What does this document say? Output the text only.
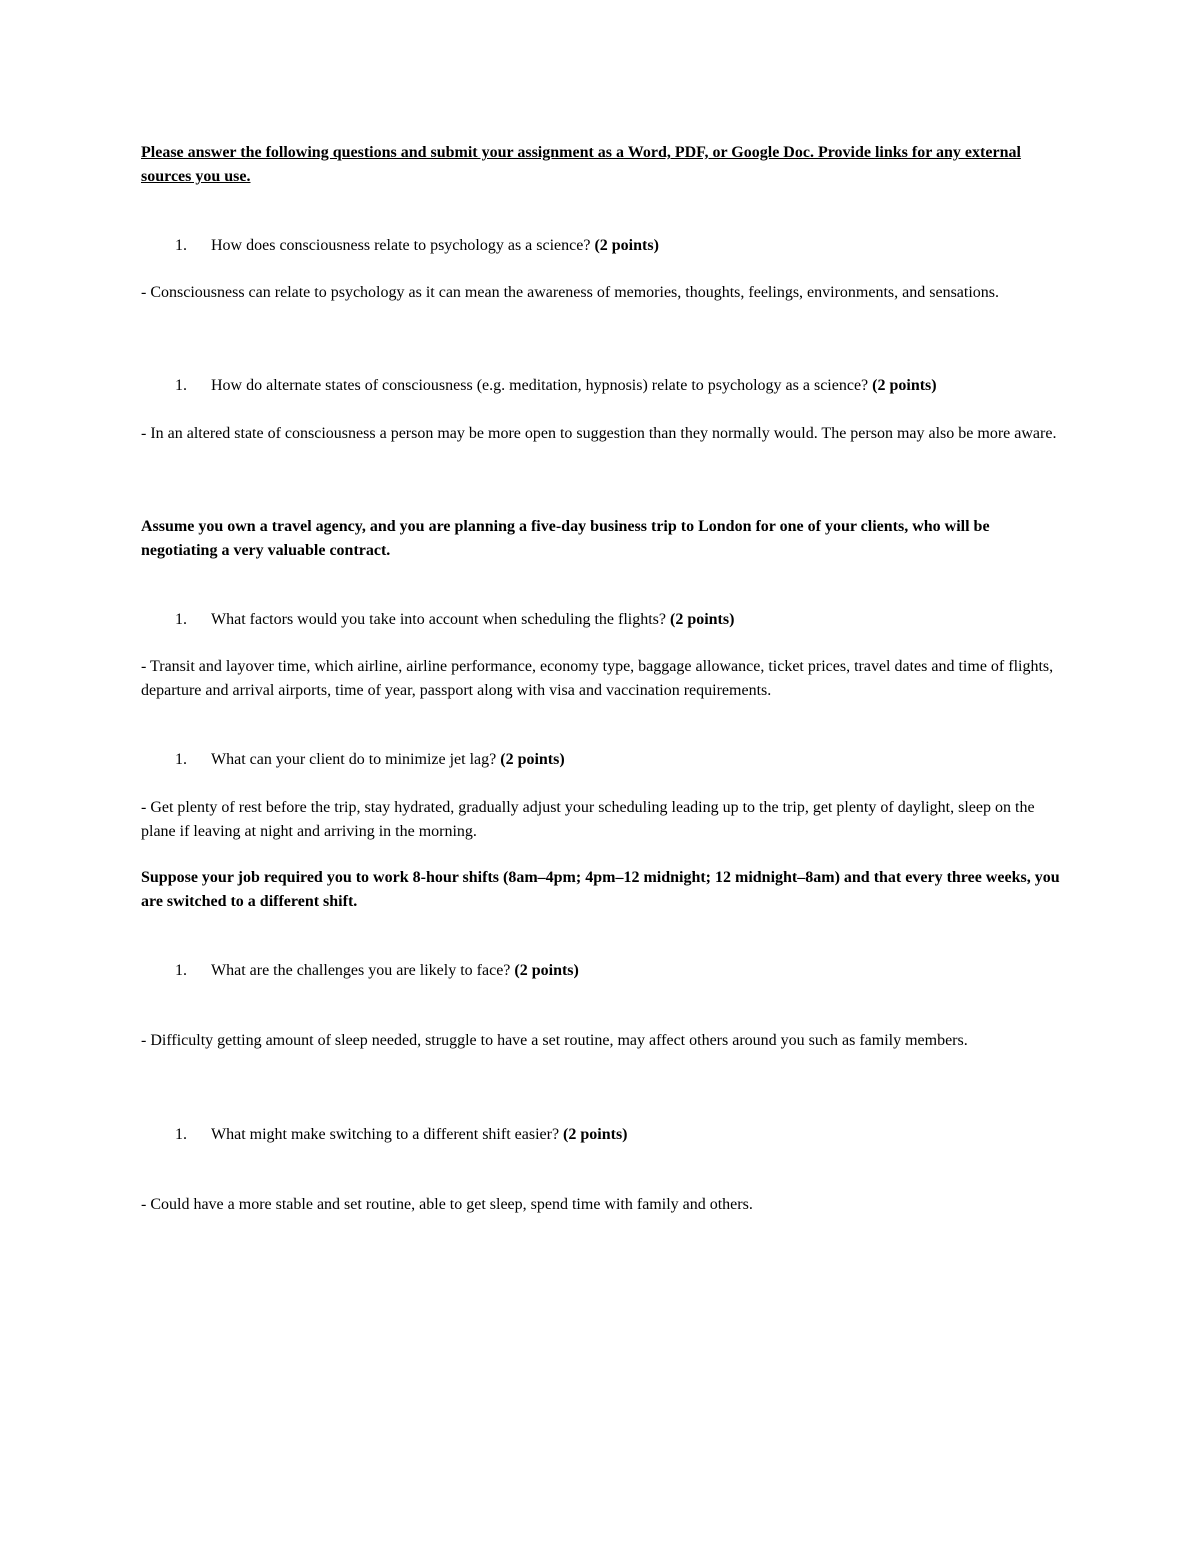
Please answer the following questions and submit your assignment as a Word, PDF, or Google Doc. Provide links for any external sources you use.

1. How does consciousness relate to psychology as a science? (2 points)

- Consciousness can relate to psychology as it can mean the awareness of memories, thoughts, feelings, environments, and sensations.

1. How do alternate states of consciousness (e.g. meditation, hypnosis) relate to psychology as a science? (2 points)

- In an altered state of consciousness a person may be more open to suggestion than they normally would. The person may also be more aware.

Assume you own a travel agency, and you are planning a five-day business trip to London for one of your clients, who will be negotiating a very valuable contract.

1. What factors would you take into account when scheduling the flights? (2 points)

- Transit and layover time, which airline, airline performance, economy type, baggage allowance, ticket prices, travel dates and time of flights, departure and arrival airports, time of year, passport along with visa and vaccination requirements.

1. What can your client do to minimize jet lag? (2 points)

- Get plenty of rest before the trip, stay hydrated, gradually adjust your scheduling leading up to the trip, get plenty of daylight, sleep on the plane if leaving at night and arriving in the morning.

Suppose your job required you to work 8-hour shifts (8am–4pm; 4pm–12 midnight; 12 midnight–8am) and that every three weeks, you are switched to a different shift.

1. What are the challenges you are likely to face? (2 points)

- Difficulty getting amount of sleep needed, struggle to have a set routine, may affect others around you such as family members.

1. What might make switching to a different shift easier? (2 points)

- Could have a more stable and set routine, able to get sleep, spend time with family and others.
